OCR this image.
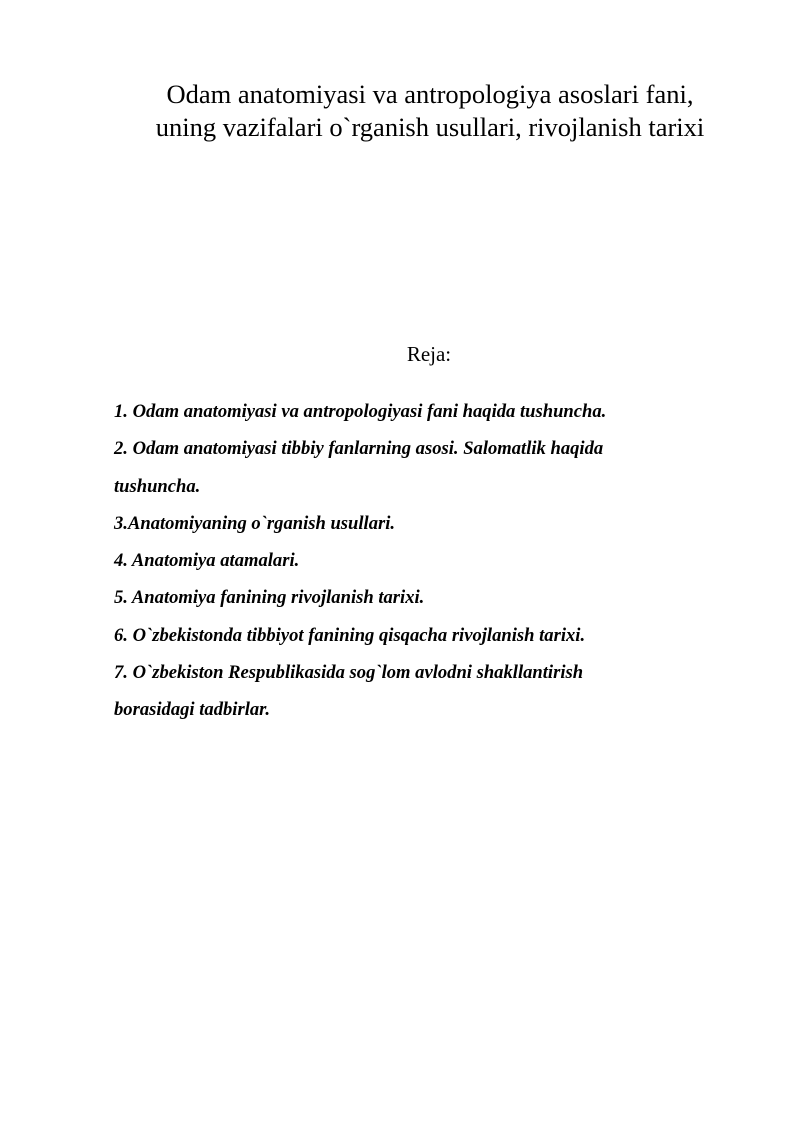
Odam anatomiyasi va antropologiya asoslari fani,
uning vazifalari o`rganish usullari, rivojlanish tarixi
Reja:
1. Odam anatomiyasi va antropologiyasi fani haqida tushuncha.
2. Odam anatomiyasi tibbiy fanlarning asosi. Salomatlik haqida
tushuncha.
3.Anatomiyaning o`rganish usullari.
4. Anatomiya atamalari.
5. Anatomiya fanining rivojlanish tarixi.
6. O`zbekistonda tibbiyot fanining qisqacha rivojlanish tarixi.
7. O`zbekiston Respublikasida sog`lom avlodni shakllantirish
borasidagi tadbirlar.
